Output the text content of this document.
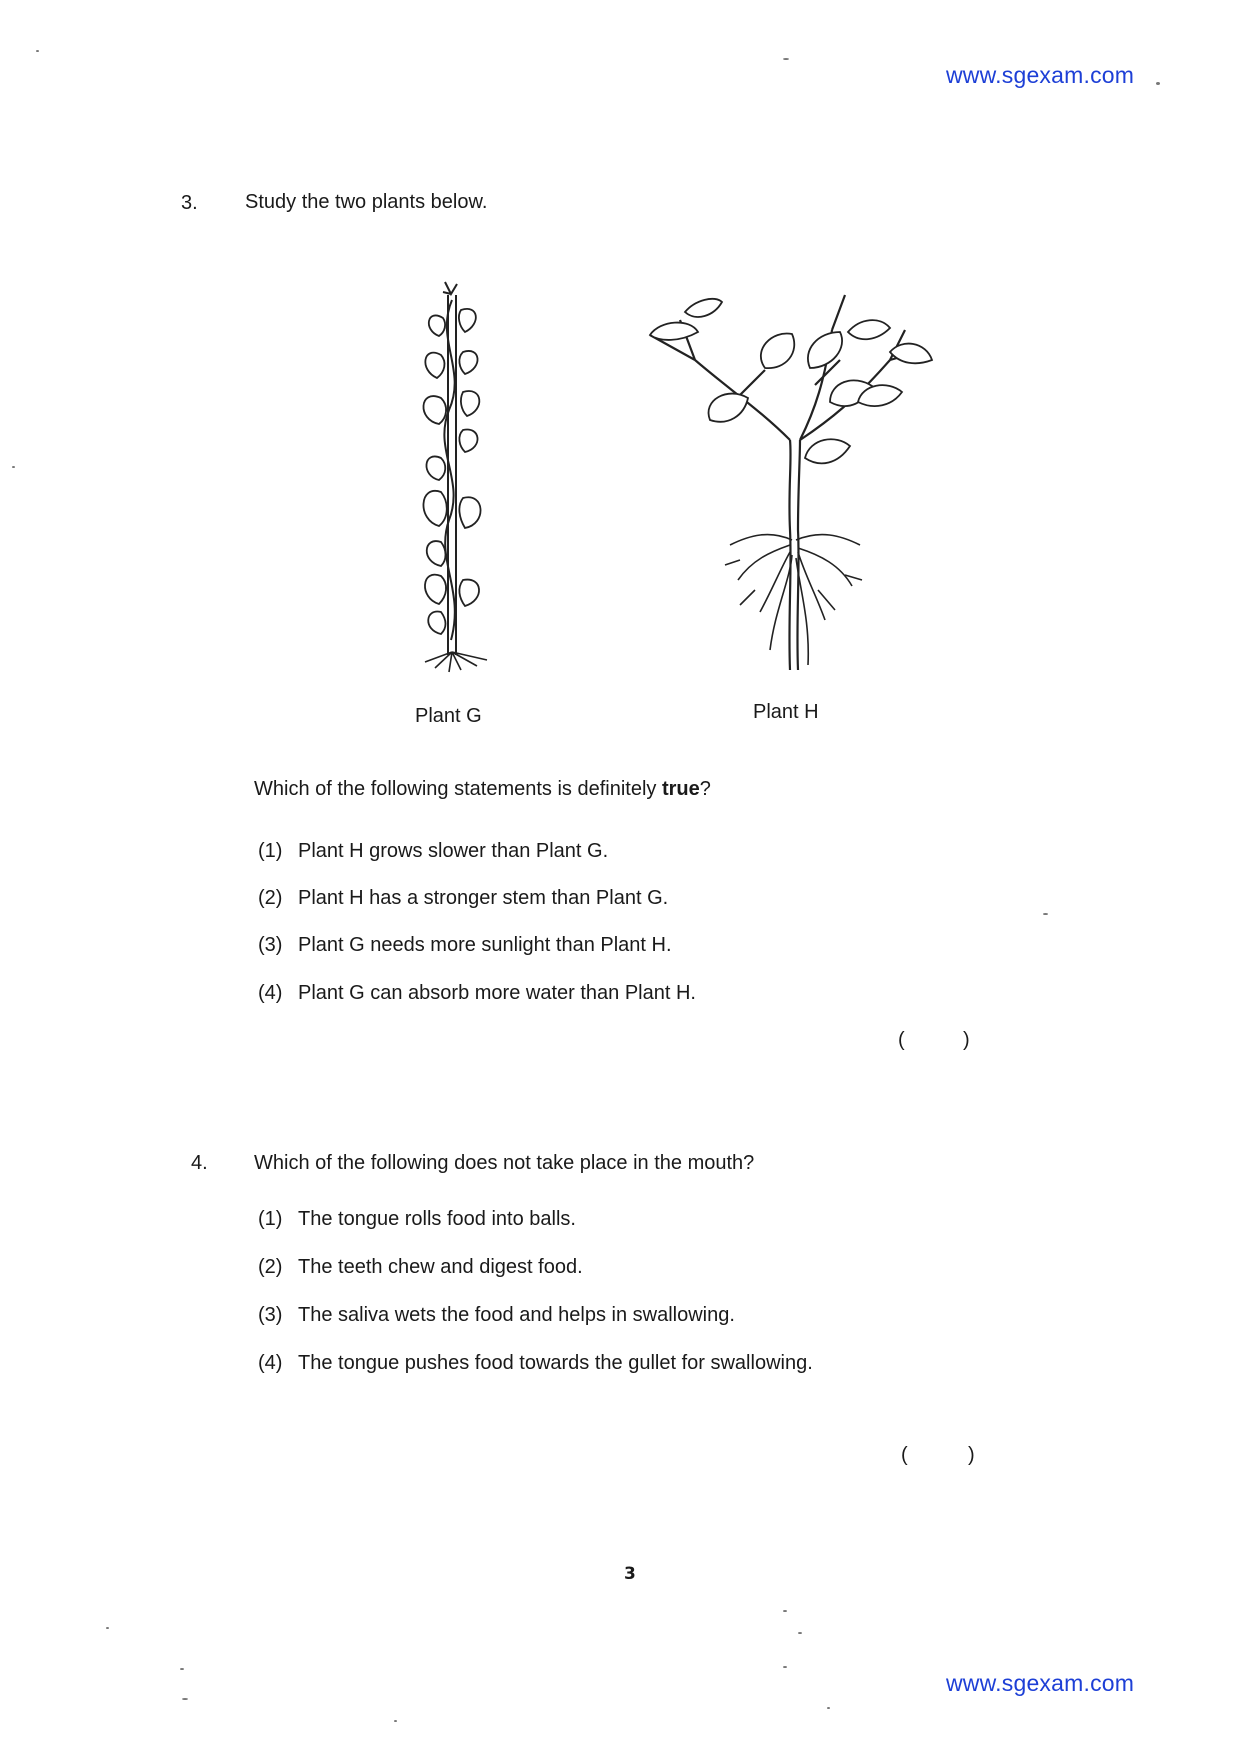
www.sgexam.com
3. Study the two plants below.
Plant G	Plant H
Which of the following statements is definitely true?
(1) Plant H grows slower than Plant G.
(2) Plant H has a stronger stem than Plant G.
(3) Plant G needs more sunlight than Plant H.
(4) Plant G can absorb more water than Plant H.
(	)
4. Which of the following does not take place in the mouth?
(1) The tongue rolls food into balls.
(2) The teeth chew and digest food.
(3) The saliva wets the food and helps in swallowing.
(4) The tongue pushes food towards the gullet for swallowing.
(	)
3
www.sgexam.com
